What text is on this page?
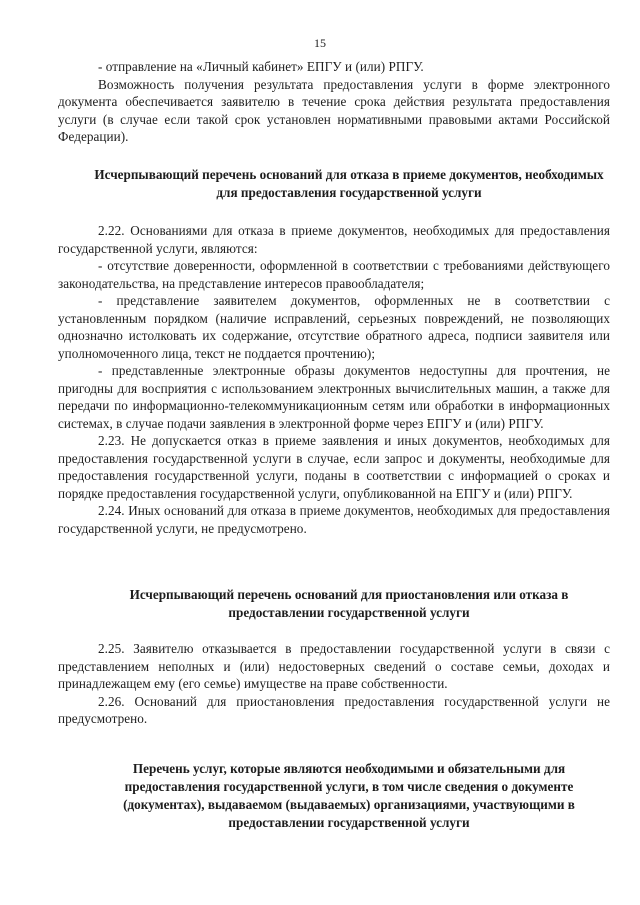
15

- отправление на «Личный кабинет» ЕПГУ и (или) РПГУ.

Возможность получения результата предоставления услуги в форме электронного документа обеспечивается заявителю в течение срока действия результата предоставления услуги (в случае если такой срок установлен нормативными правовыми актами Российской Федерации).

Исчерпывающий перечень оснований для отказа в приеме документов, необходимых для предоставления государственной услуги

2.22. Основаниями для отказа в приеме документов, необходимых для предоставления государственной услуги, являются:

- отсутствие доверенности, оформленной в соответствии с требованиями действующего законодательства, на представление интересов правообладателя;

- представление заявителем документов, оформленных не в соответствии с установленным порядком (наличие исправлений, серьезных повреждений, не позволяющих однозначно истолковать их содержание, отсутствие обратного адреса, подписи заявителя или уполномоченного лица, текст не поддается прочтению);

- представленные электронные образы документов недоступны для прочтения, не пригодны для восприятия с использованием электронных вычислительных машин, а также для передачи по информационно-телекоммуникационным сетям или обработки в информационных системах, в случае подачи заявления в электронной форме через ЕПГУ и (или) РПГУ.

2.23. Не допускается отказ в приеме заявления и иных документов, необходимых для предоставления государственной услуги в случае, если запрос и документы, необходимые для предоставления государственной услуги, поданы в соответствии с информацией о сроках и порядке предоставления государственной услуги, опубликованной на ЕПГУ и (или) РПГУ.

2.24. Иных оснований для отказа в приеме документов, необходимых для предоставления государственной услуги, не предусмотрено.

Исчерпывающий перечень оснований для приостановления или отказа в предоставлении государственной услуги

2.25. Заявителю отказывается в предоставлении государственной услуги в связи с представлением неполных и (или) недостоверных сведений о составе семьи, доходах и принадлежащем ему (его семье) имуществе на праве собственности.

2.26. Оснований для приостановления предоставления государственной услуги не предусмотрено.

Перечень услуг, которые являются необходимыми и обязательными для предоставления государственной услуги, в том числе сведения о документе (документах), выдаваемом (выдаваемых) организациями, участвующими в предоставлении государственной услуги
